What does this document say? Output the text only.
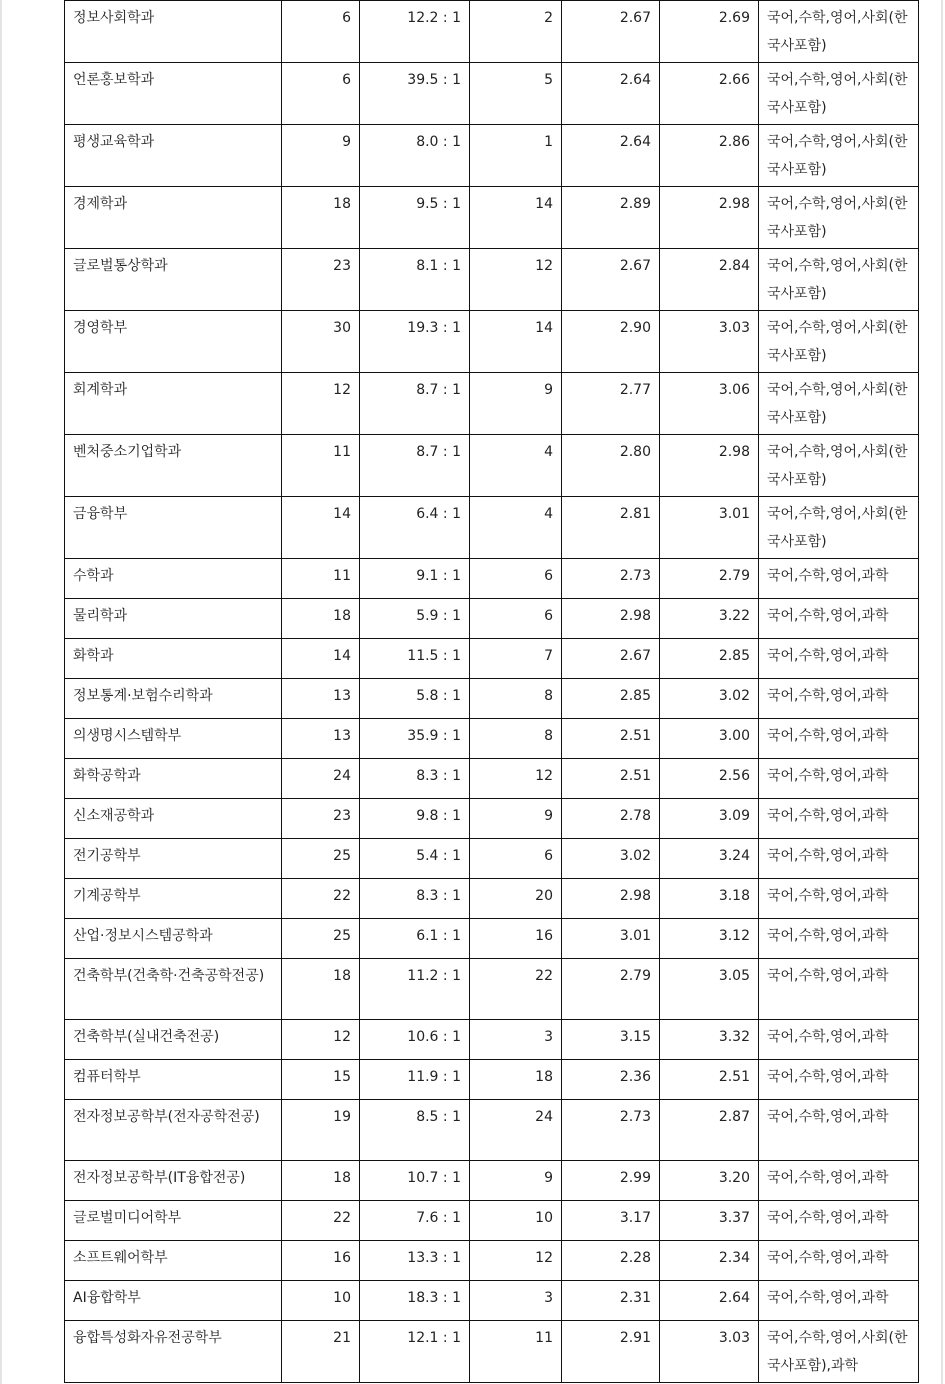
정보사회학과	6	12.2 : 1	2	2.67	2.69	국어,수학,영어,사회(한국사포함)
언론홍보학과	6	39.5 : 1	5	2.64	2.66	국어,수학,영어,사회(한국사포함)
평생교육학과	9	8.0 : 1	1	2.64	2.86	국어,수학,영어,사회(한국사포함)
경제학과	18	9.5 : 1	14	2.89	2.98	국어,수학,영어,사회(한국사포함)
글로벌통상학과	23	8.1 : 1	12	2.67	2.84	국어,수학,영어,사회(한국사포함)
경영학부	30	19.3 : 1	14	2.90	3.03	국어,수학,영어,사회(한국사포함)
회계학과	12	8.7 : 1	9	2.77	3.06	국어,수학,영어,사회(한국사포함)
벤처중소기업학과	11	8.7 : 1	4	2.80	2.98	국어,수학,영어,사회(한국사포함)
금융학부	14	6.4 : 1	4	2.81	3.01	국어,수학,영어,사회(한국사포함)
수학과	11	9.1 : 1	6	2.73	2.79	국어,수학,영어,과학
물리학과	18	5.9 : 1	6	2.98	3.22	국어,수학,영어,과학
화학과	14	11.5 : 1	7	2.67	2.85	국어,수학,영어,과학
정보통계·보험수리학과	13	5.8 : 1	8	2.85	3.02	국어,수학,영어,과학
의생명시스템학부	13	35.9 : 1	8	2.51	3.00	국어,수학,영어,과학
화학공학과	24	8.3 : 1	12	2.51	2.56	국어,수학,영어,과학
신소재공학과	23	9.8 : 1	9	2.78	3.09	국어,수학,영어,과학
전기공학부	25	5.4 : 1	6	3.02	3.24	국어,수학,영어,과학
기계공학부	22	8.3 : 1	20	2.98	3.18	국어,수학,영어,과학
산업·정보시스템공학과	25	6.1 : 1	16	3.01	3.12	국어,수학,영어,과학
건축학부(건축학·건축공학전공)	18	11.2 : 1	22	2.79	3.05	국어,수학,영어,과학
건축학부(실내건축전공)	12	10.6 : 1	3	3.15	3.32	국어,수학,영어,과학
컴퓨터학부	15	11.9 : 1	18	2.36	2.51	국어,수학,영어,과학
전자정보공학부(전자공학전공)	19	8.5 : 1	24	2.73	2.87	국어,수학,영어,과학
전자정보공학부(IT융합전공)	18	10.7 : 1	9	2.99	3.20	국어,수학,영어,과학
글로벌미디어학부	22	7.6 : 1	10	3.17	3.37	국어,수학,영어,과학
소프트웨어학부	16	13.3 : 1	12	2.28	2.34	국어,수학,영어,과학
AI융합학부	10	18.3 : 1	3	2.31	2.64	국어,수학,영어,과학
융합특성화자유전공학부	21	12.1 : 1	11	2.91	3.03	국어,수학,영어,사회(한국사포함),과학
